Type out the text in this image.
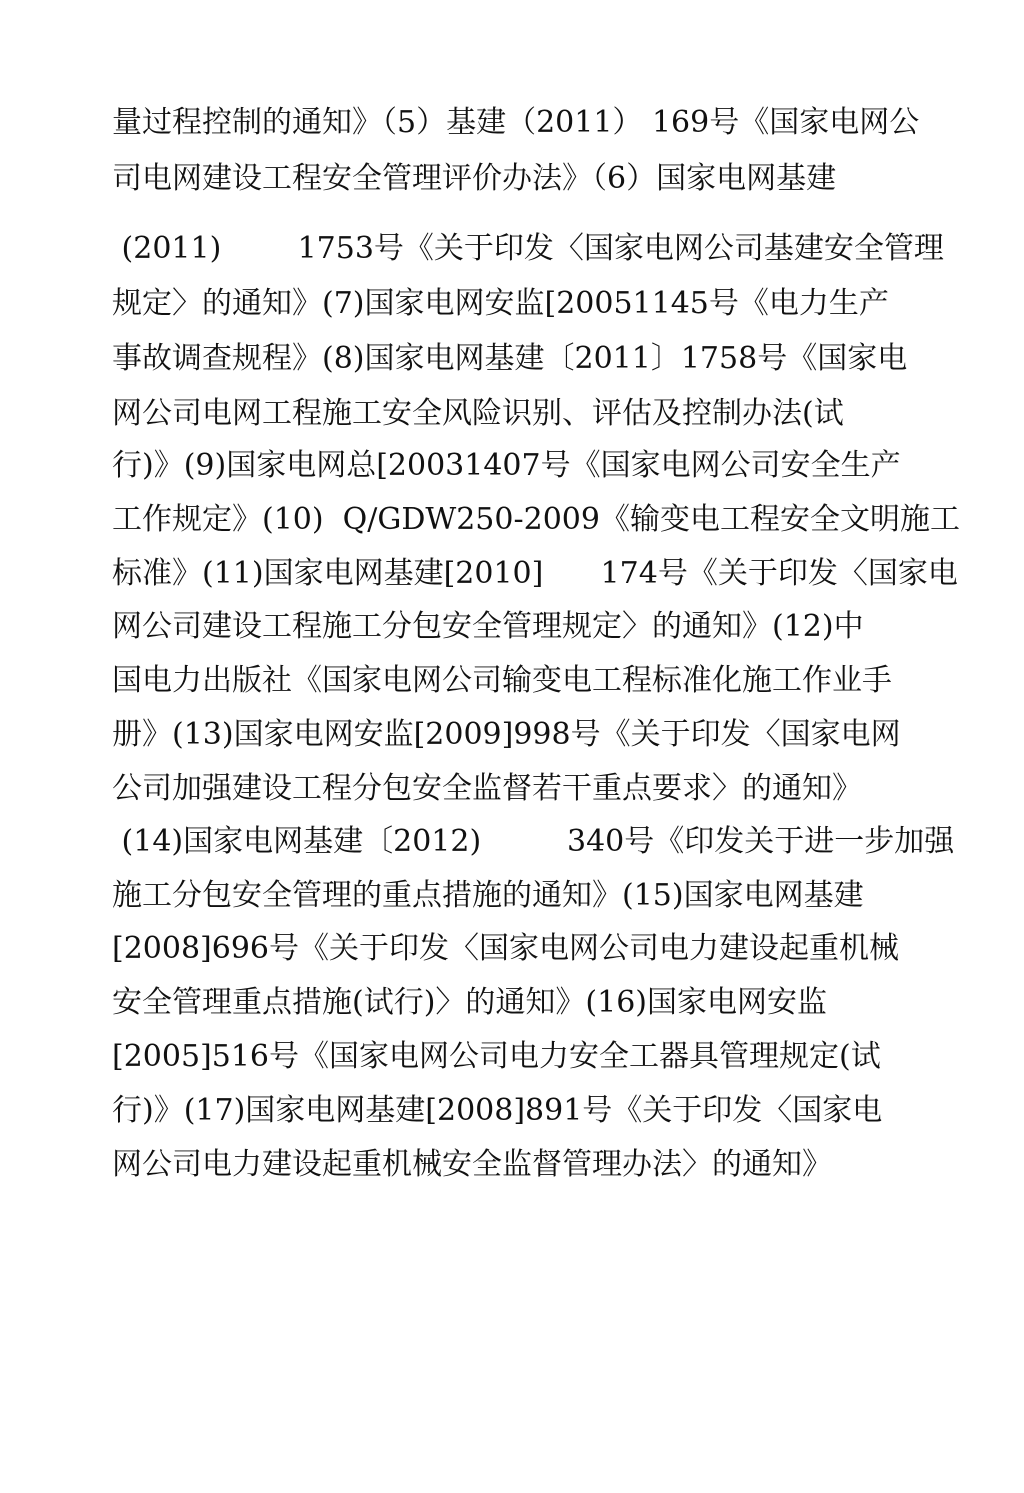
量过程控制的通知》（5）基建（2011） 169号《国家电网公
司电网建设工程安全管理评价办法》（6）国家电网基建
(2011)        1753号《关于印发〈国家电网公司基建安全管理
规定〉的通知》(7)国家电网安监[20051145号《电力生产
事故调查规程》(8)国家电网基建〔2011〕1758号《国家电
网公司电网工程施工安全风险识别、评估及控制办法(试
行)》(9)国家电网总[20031407号《国家电网公司安全生产
工作规定》(10)  Q/GDW250-2009《输变电工程安全文明施工
标准》(11)国家电网基建[2010]      174号《关于印发〈国家电
网公司建设工程施工分包安全管理规定〉的通知》(12)中
国电力出版社《国家电网公司输变电工程标准化施工作业手
册》(13)国家电网安监[2009]998号《关于印发〈国家电网
公司加强建设工程分包安全监督若干重点要求〉的通知》
(14)国家电网基建〔2012)         340号《印发关于进一步加强
施工分包安全管理的重点措施的通知》(15)国家电网基建
[2008]696号《关于印发〈国家电网公司电力建设起重机械
安全管理重点措施(试行)〉的通知》(16)国家电网安监
[2005]516号《国家电网公司电力安全工器具管理规定(试
行)》(17)国家电网基建[2008]891号《关于印发〈国家电
网公司电力建设起重机械安全监督管理办法〉的通知》
